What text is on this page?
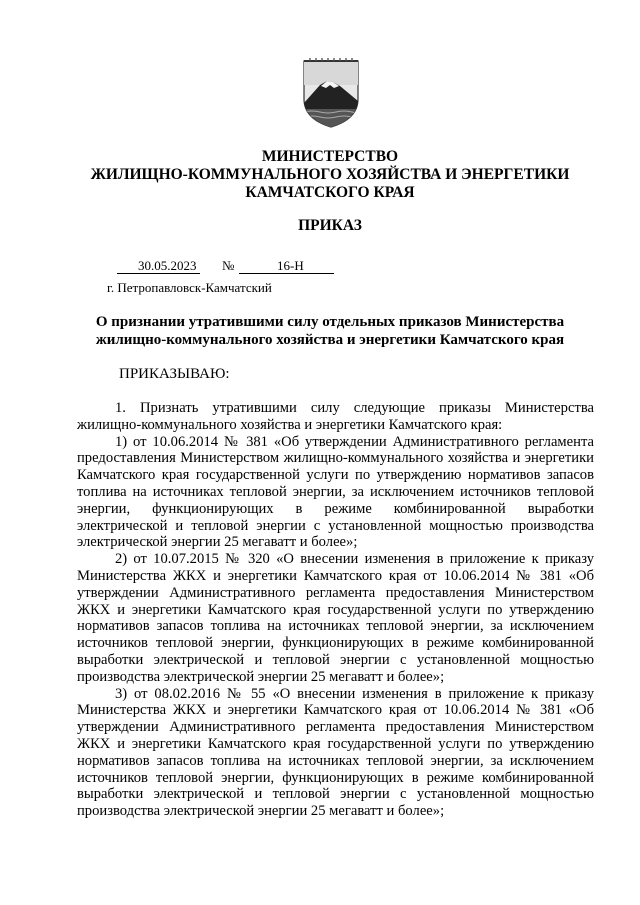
МИНИСТЕРСТВО
ЖИЛИЩНО-КОММУНАЛЬНОГО ХОЗЯЙСТВА И ЭНЕРГЕТИКИ
КАМЧАТСКОГО КРАЯ
ПРИКАЗ
30.05.2023 №	16-Н
г. Петропавловск-Камчатский
О признании утратившими силу отдельных приказов Министерства
жилищно-коммунального хозяйства и энергетики Камчатского края
ПРИКАЗЫВАЮ:

1. Признать утратившими силу следующие приказы Министерства жилищно-коммунального хозяйства и энергетики Камчатского края:

1) от 10.06.2014 № 381 «Об утверждении Административного регламента предоставления Министерством жилищно-коммунального хозяйства и энергетики Камчатского края государственной услуги по утверждению нормативов запасов топлива на источниках тепловой энергии, за исключением источников тепловой энергии, функционирующих в режиме комбинированной выработки электрической и тепловой энергии с установленной мощностью производства электрической энергии 25 мегаватт и более»;

2) от 10.07.2015 № 320 «О внесении изменения в приложение к приказу Министерства ЖКХ и энергетики Камчатского края от 10.06.2014 № 381 «Об утверждении Административного регламента предоставления Министерством ЖКХ и энергетики Камчатского края государственной услуги по утверждению нормативов запасов топлива на источниках тепловой энергии, за исключением источников тепловой энергии, функционирующих в режиме комбинированной выработки электрической и тепловой энергии с установленной мощностью производства электрической энергии 25 мегаватт и более»;

3) от 08.02.2016 № 55 «О внесении изменения в приложение к приказу Министерства ЖКХ и энергетики Камчатского края от 10.06.2014 № 381 «Об утверждении Административного регламента предоставления Министерством ЖКХ и энергетики Камчатского края государственной услуги по утверждению нормативов запасов топлива на источниках тепловой энергии, за исключением источников тепловой энергии, функционирующих в режиме комбинированной выработки электрической и тепловой энергии с установленной мощностью производства электрической энергии 25 мегаватт и более»;
